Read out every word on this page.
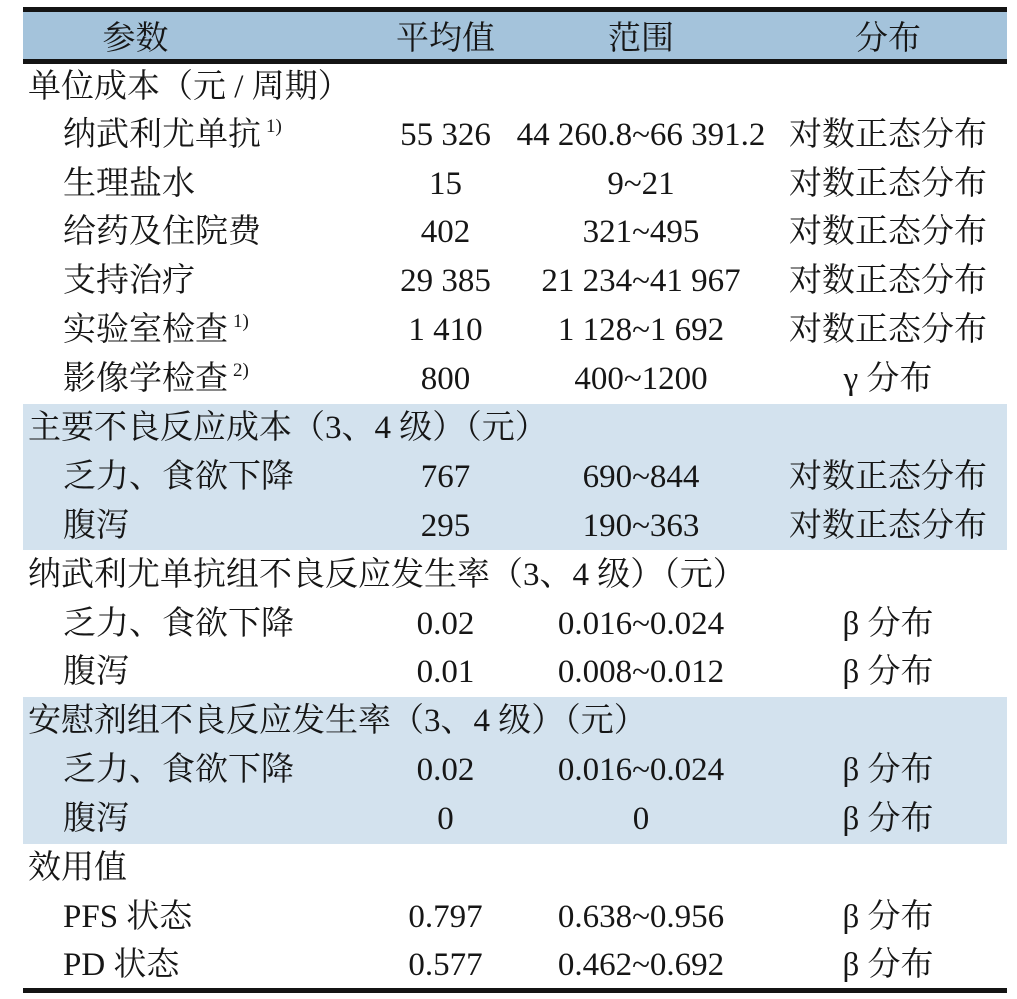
参数	平均值	范围	分布
单位成本（元 / 周期）			
纳武利尤单抗 $^{1)}$	55 326	44 260.8~66 391.2	对数正态分布
生理盐水	15	9~21	对数正态分布
给药及住院费	402	321~495	对数正态分布
支持治疗	29 385	21 234~41 967	对数正态分布
实验室检查 $^{1)}$	1 410	1 128~1 692	对数正态分布
影像学检查 $^{2)}$	800	400~1200	γ 分布
主要不良反应成本（3、4 级）（元）			
乏力、食欲下降	767	690~844	对数正态分布
腹泻	295	190~363	对数正态分布
纳武利尤单抗组不良反应发生率（3、4 级）（元）			
乏力、食欲下降	0.02	0.016~0.024	β 分布
腹泻	0.01	0.008~0.012	β 分布
安慰剂组不良反应发生率（3、4 级）（元）			
乏力、食欲下降	0.02	0.016~0.024	β 分布
腹泻	0	0	β 分布
效用值			
PFS 状态	0.797	0.638~0.956	β 分布
PD 状态	0.577	0.462~0.692	β 分布
